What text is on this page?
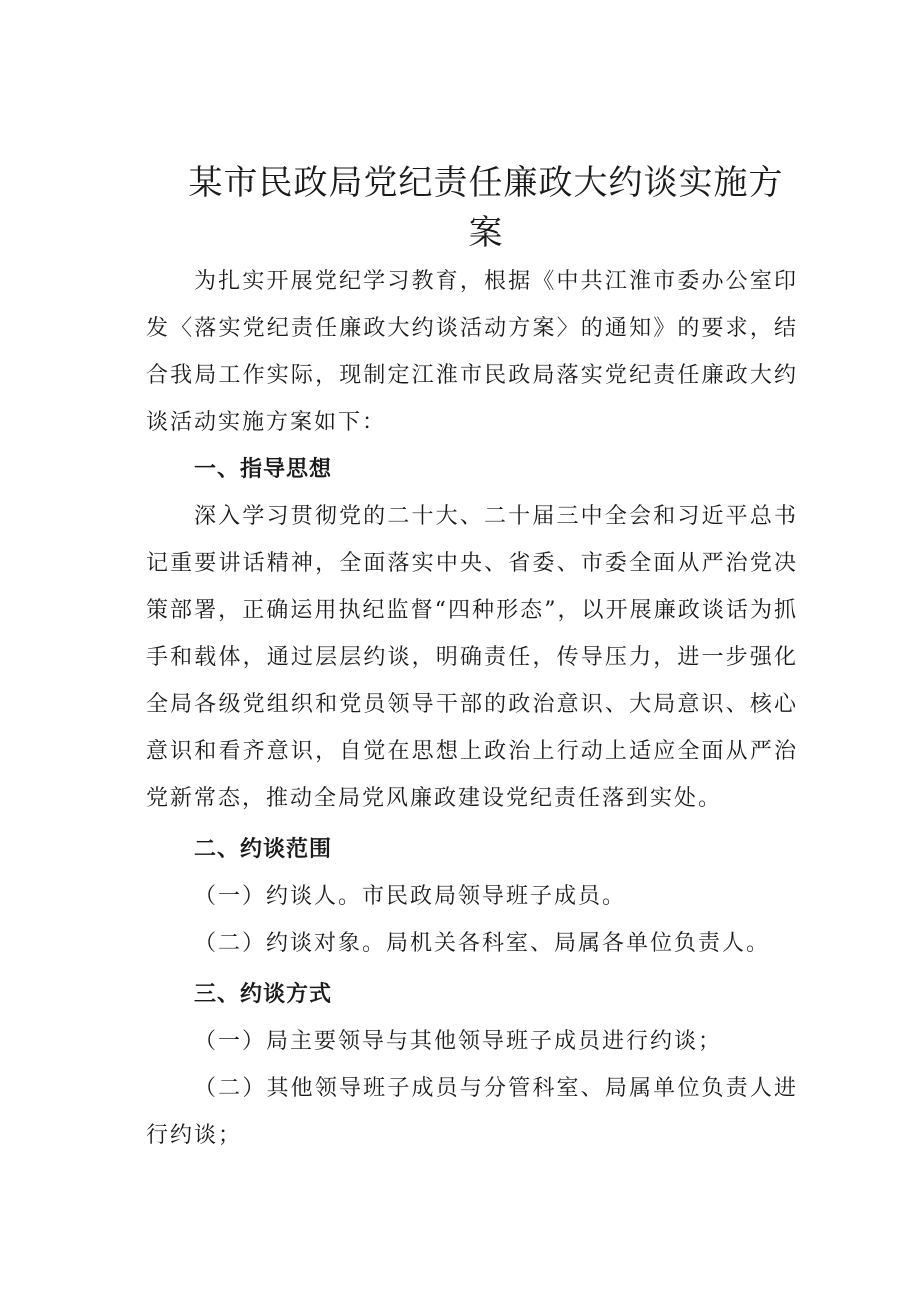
某市民政局党纪责任廉政大约谈实施方案

为扎实开展党纪学习教育，根据《中共江淮市委办公室印发〈落实党纪责任廉政大约谈活动方案〉的通知》的要求，结合我局工作实际，现制定江淮市民政局落实党纪责任廉政大约谈活动实施方案如下：

一、指导思想

深入学习贯彻党的二十大、二十届三中全会和习近平总书记重要讲话精神，全面落实中央、省委、市委全面从严治党决策部署，正确运用执纪监督“四种形态”，以开展廉政谈话为抓手和载体，通过层层约谈，明确责任，传导压力，进一步强化全局各级党组织和党员领导干部的政治意识、大局意识、核心意识和看齐意识，自觉在思想上政治上行动上适应全面从严治党新常态，推动全局党风廉政建设党纪责任落到实处。

二、约谈范围

（一）约谈人。市民政局领导班子成员。

（二）约谈对象。局机关各科室、局属各单位负责人。

三、约谈方式

（一）局主要领导与其他领导班子成员进行约谈；

（二）其他领导班子成员与分管科室、局属单位负责人进行约谈；
